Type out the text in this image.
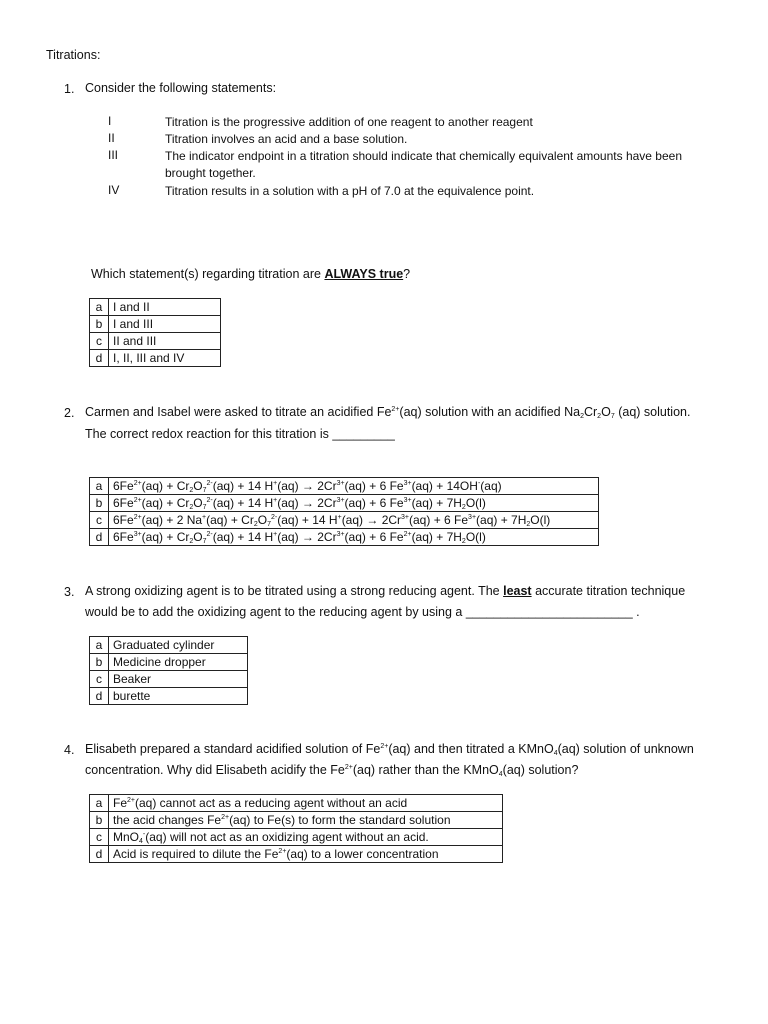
Titrations:
1. Consider the following statements:
I	Titration is the progressive addition of one reagent to another reagent
II	Titration involves an acid and a base solution.
III	The indicator endpoint in a titration should indicate that chemically equivalent amounts have been brought together.
IV	Titration results in a solution with a pH of 7.0 at the equivalence point.
Which statement(s) regarding titration are ALWAYS true?
a	I and II
b	I and III
c	II and III
d	I, II, III and IV
2. Carmen and Isabel were asked to titrate an acidified $Fe^{2+}(aq)$ solution with an acidified $Na_2Cr_2O_7$ (aq) solution.
The correct redox reaction for this titration is _________
a	$6Fe^{2+}(aq) + Cr_2O_7^{2-}(aq) + 14$ $H^+(aq) \to 2Cr^{3+}(aq) + 6$ $Fe^{3+}(aq) + 14OH^-(aq)$
b	$6Fe^{2+}(aq) + Cr_2O_7^{2-}(aq) + 14$ $H^+(aq) \to 2Cr^{3+}(aq) + 6$ $Fe^{3+}(aq) + 7H_2O(l)$
c	$6Fe^{2+}(aq) + 2$ $Na^+(aq) + Cr_2O_7^{2-}(aq) + 14$ $H^+(aq) \to 2Cr^{3+}(aq) + 6$ $Fe^{3+}(aq) + 7H_2O(l)$
d	$6Fe^{3+}(aq) + Cr_2O_7^{2-}(aq) + 14$ $H^+(aq) \to 2Cr^{3+}(aq) + 6$ $Fe^{2+}(aq) + 7H_2O(l)$
3. A strong oxidizing agent is to be titrated using a strong reducing agent. The least accurate titration technique
would be to add the oxidizing agent to the reducing agent by using a ________________________ .
a	Graduated cylinder
b	Medicine dropper
c	Beaker
d	burette
4. Elisabeth prepared a standard acidified solution of $Fe^{2+}(aq)$ and then titrated a KMnO$_4$(aq) solution of unknown
concentration. Why did Elisabeth acidify the $Fe^{2+}(aq)$ rather than the KMnO$_4$(aq) solution?
a	$Fe^{2+}(aq)$ cannot act as a reducing agent without an acid
b	the acid changes $Fe^{2+}(aq)$ to Fe(s) to form the standard solution
c	MnO$_4$-(aq) will not act as an oxidizing agent without an acid.
d	Acid is required to dilute the $Fe^{2+}(aq)$ to a lower concentration
